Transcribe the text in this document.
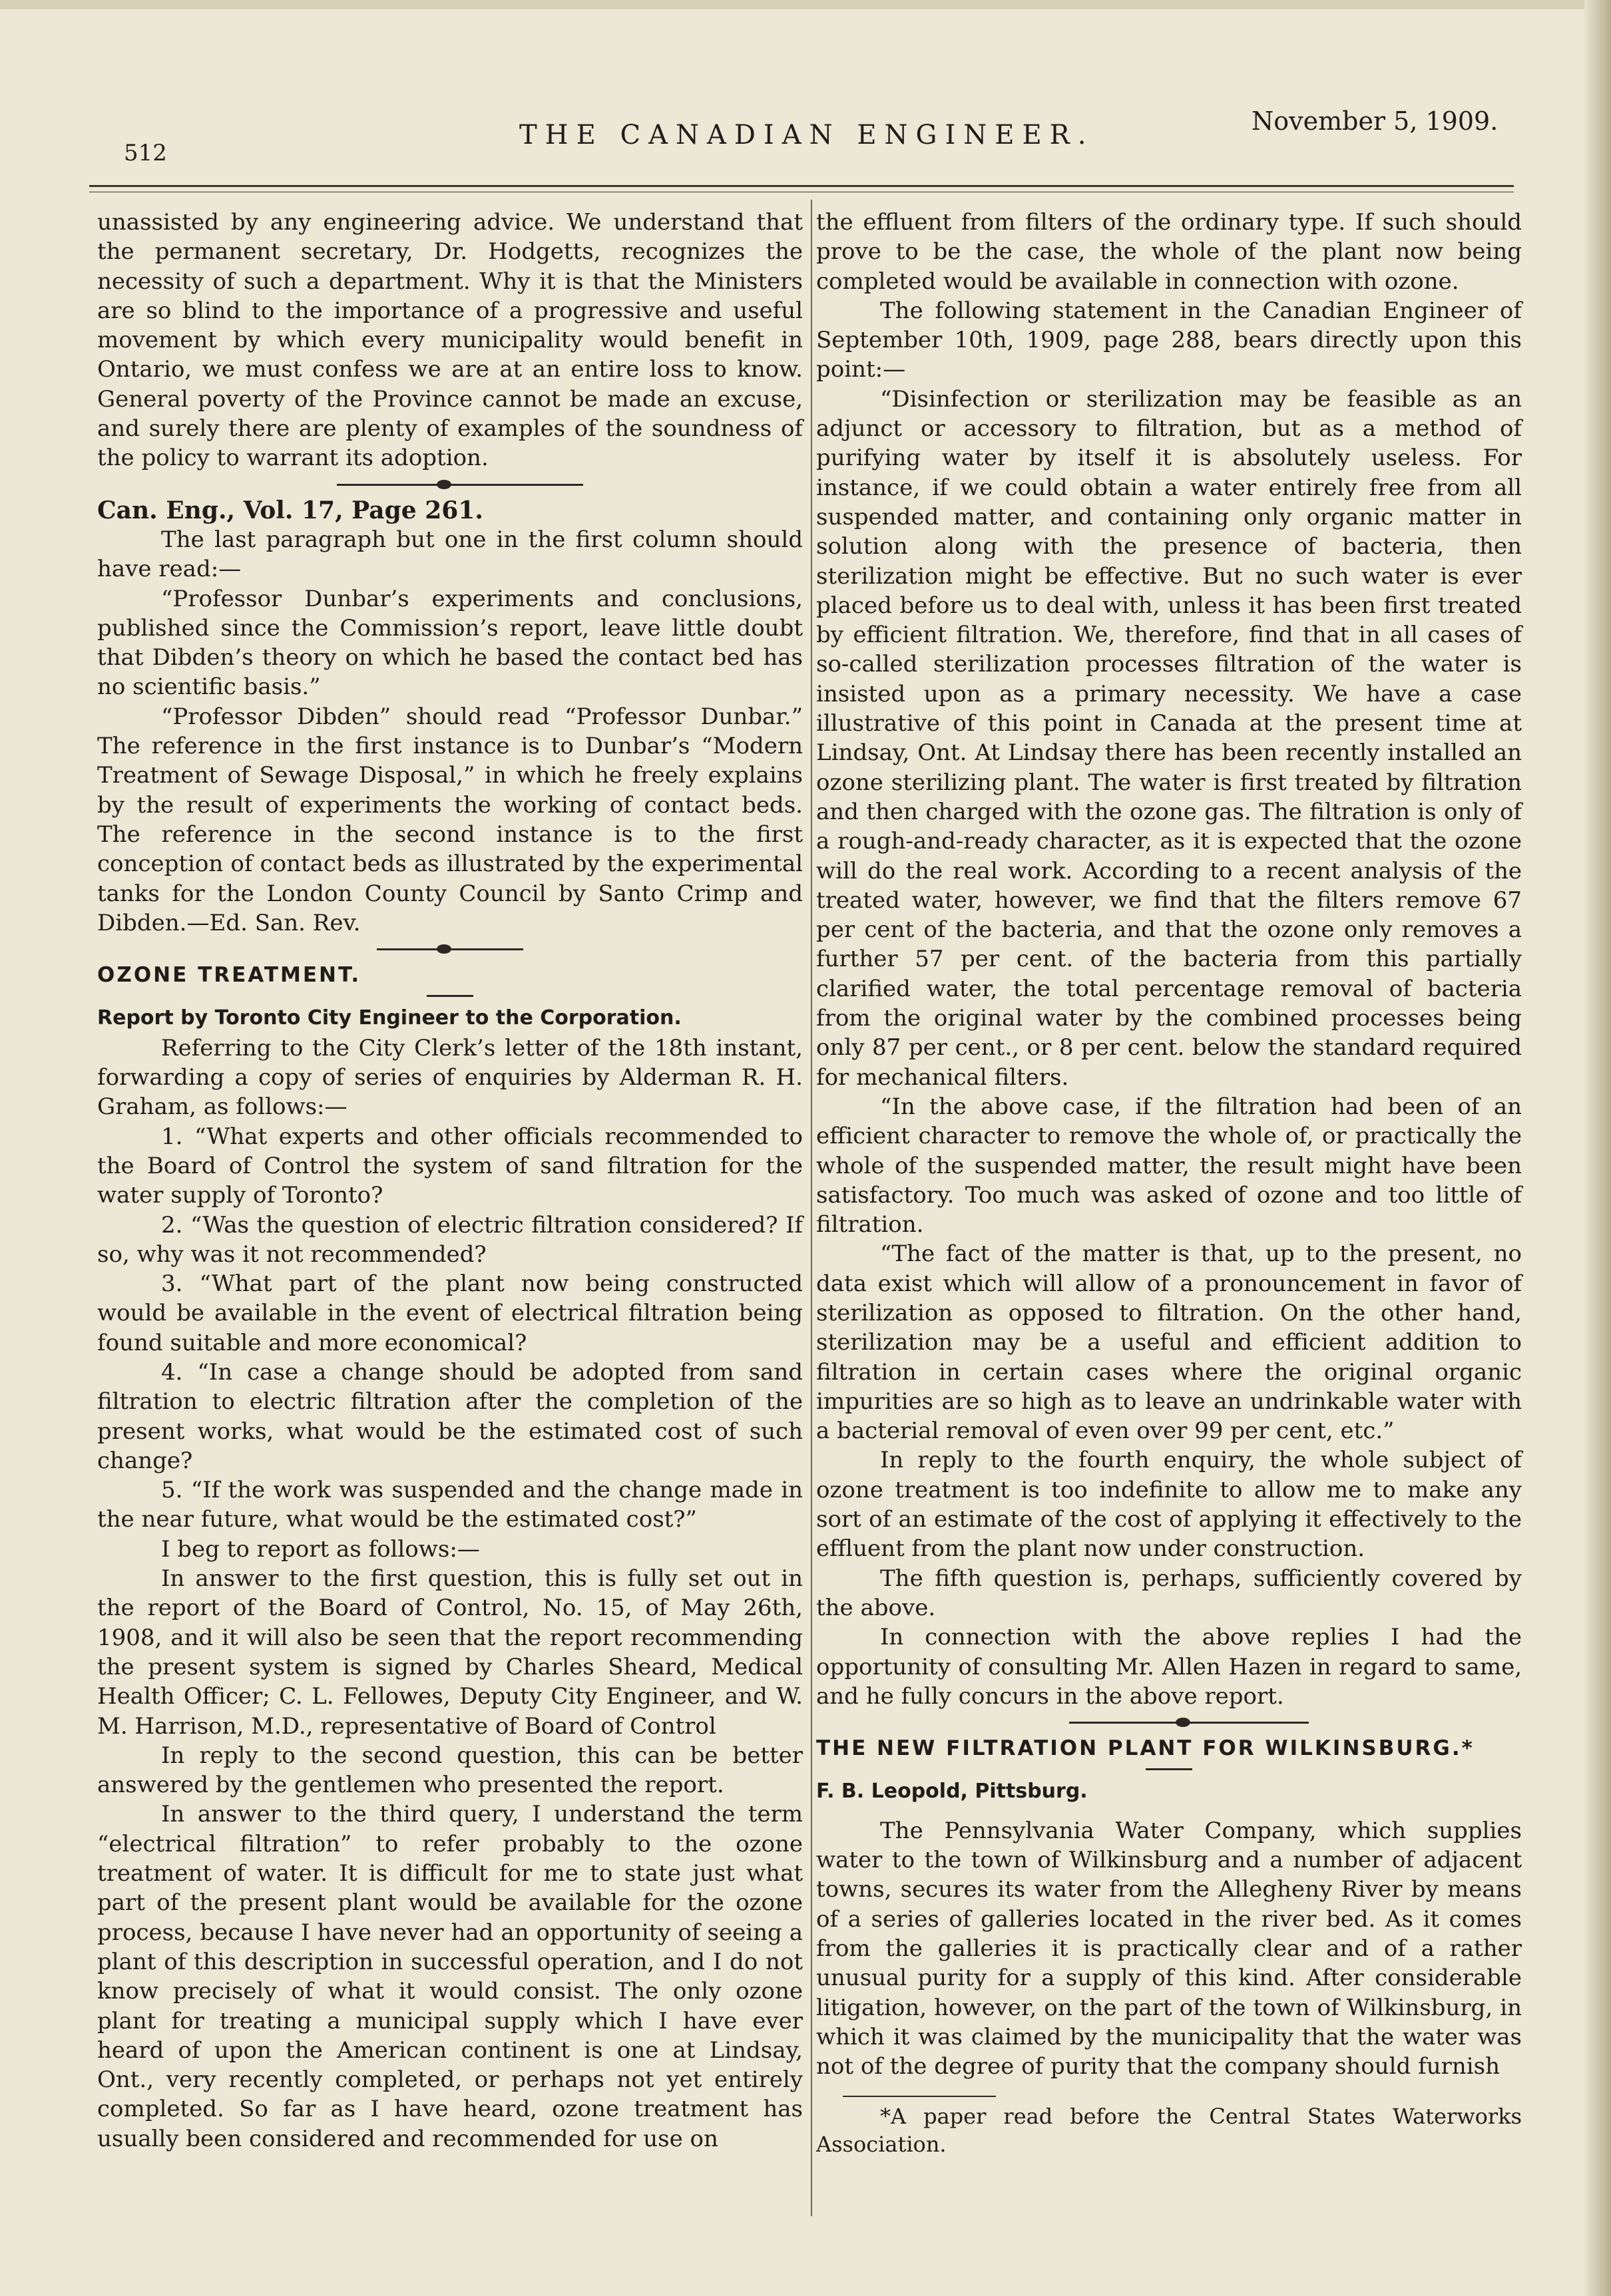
512
THE CANADIAN ENGINEER.	November 5, 1909.

unassisted by any engineering advice. We understand that the permanent secretary, Dr. Hodgetts, recognizes the necessity of such a department. Why it is that the Ministers are so blind to the importance of a progressive and useful movement by which every municipality would benefit in Ontario, we must confess we are at an entire loss to know. General poverty of the Province cannot be made an excuse, and surely there are plenty of examples of the soundness of the policy to warrant its adoption.

Can. Eng., Vol. 17, Page 261.

The last paragraph but one in the first column should have read:—

“Professor Dunbar’s experiments and conclusions, published since the Commission’s report, leave little doubt that Dibden’s theory on which he based the contact bed has no scientific basis.”

“Professor Dibden” should read “Professor Dunbar.” The reference in the first instance is to Dunbar’s “Modern Treatment of Sewage Disposal,” in which he freely explains by the result of experiments the working of contact beds. The reference in the second instance is to the first conception of contact beds as illustrated by the experimental tanks for the London County Council by Santo Crimp and Dibden.—Ed. San. Rev.

OZONE TREATMENT.

Report by Toronto City Engineer to the Corporation.

Referring to the City Clerk’s letter of the 18th instant, forwarding a copy of series of enquiries by Alderman R. H. Graham, as follows:—

1. “What experts and other officials recommended to the Board of Control the system of sand filtration for the water supply of Toronto?

2. “Was the question of electric filtration considered? If so, why was it not recommended?

3. “What part of the plant now being constructed would be available in the event of electrical filtration being found suitable and more economical?

4. “In case a change should be adopted from sand filtration to electric filtration after the completion of the present works, what would be the estimated cost of such change?

5. “If the work was suspended and the change made in the near future, what would be the estimated cost?”

I beg to report as follows:—

In answer to the first question, this is fully set out in the report of the Board of Control, No. 15, of May 26th, 1908, and it will also be seen that the report recommending the present system is signed by Charles Sheard, Medical Health Officer; C. L. Fellowes, Deputy City Engineer, and W. M. Harrison, M.D., representative of Board of Control

In reply to the second question, this can be better answered by the gentlemen who presented the report.

In answer to the third query, I understand the term “electrical filtration” to refer probably to the ozone treatment of water. It is difficult for me to state just what part of the present plant would be available for the ozone process, because I have never had an opportunity of seeing a plant of this description in successful operation, and I do not know precisely of what it would consist. The only ozone plant for treating a municipal supply which I have ever heard of upon the American continent is one at Lindsay, Ont., very recently completed, or perhaps not yet entirely completed. So far as I have heard, ozone treatment has usually been considered and recommended for use on

the effluent from filters of the ordinary type. If such should prove to be the case, the whole of the plant now being completed would be available in connection with ozone.

The following statement in the Canadian Engineer of September 10th, 1909, page 288, bears directly upon this point:—

“Disinfection or sterilization may be feasible as an adjunct or accessory to filtration, but as a method of purifying water by itself it is absolutely useless. For instance, if we could obtain a water entirely free from all suspended matter, and containing only organic matter in solution along with the presence of bacteria, then sterilization might be effective. But no such water is ever placed before us to deal with, unless it has been first treated by efficient filtration. We, therefore, find that in all cases of so-called sterilization processes filtration of the water is insisted upon as a primary necessity. We have a case illustrative of this point in Canada at the present time at Lindsay, Ont. At Lindsay there has been recently installed an ozone sterilizing plant. The water is first treated by filtration and then charged with the ozone gas. The filtration is only of a rough-and-ready character, as it is expected that the ozone will do the real work. According to a recent analysis of the treated water, however, we find that the filters remove 67 per cent of the bacteria, and that the ozone only removes a further 57 per cent. of the bacteria from this partially clarified water, the total percentage removal of bacteria from the original water by the combined processes being only 87 per cent., or 8 per cent. below the standard required for mechanical filters.

“In the above case, if the filtration had been of an efficient character to remove the whole of, or practically the whole of the suspended matter, the result might have been satisfactory. Too much was asked of ozone and too little of filtration.

“The fact of the matter is that, up to the present, no data exist which will allow of a pronouncement in favor of sterilization as opposed to filtration. On the other hand, sterilization may be a useful and efficient addition to filtration in certain cases where the original organic impurities are so high as to leave an undrinkable water with a bacterial removal of even over 99 per cent, etc.”

In reply to the fourth enquiry, the whole subject of ozone treatment is too indefinite to allow me to make any sort of an estimate of the cost of applying it effectively to the effluent from the plant now under construction.

The fifth question is, perhaps, sufficiently covered by the above.

In connection with the above replies I had the opportunity of consulting Mr. Allen Hazen in regard to same, and he fully concurs in the above report.

THE NEW FILTRATION PLANT FOR WILKINSBURG.*

F. B. Leopold, Pittsburg.

The Pennsylvania Water Company, which supplies water to the town of Wilkinsburg and a number of adjacent towns, secures its water from the Allegheny River by means of a series of galleries located in the river bed. As it comes from the galleries it is practically clear and of a rather unusual purity for a supply of this kind. After considerable litigation, however, on the part of the town of Wilkinsburg, in which it was claimed by the municipality that the water was not of the degree of purity that the company should furnish

*A paper read before the Central States Waterworks Association.
